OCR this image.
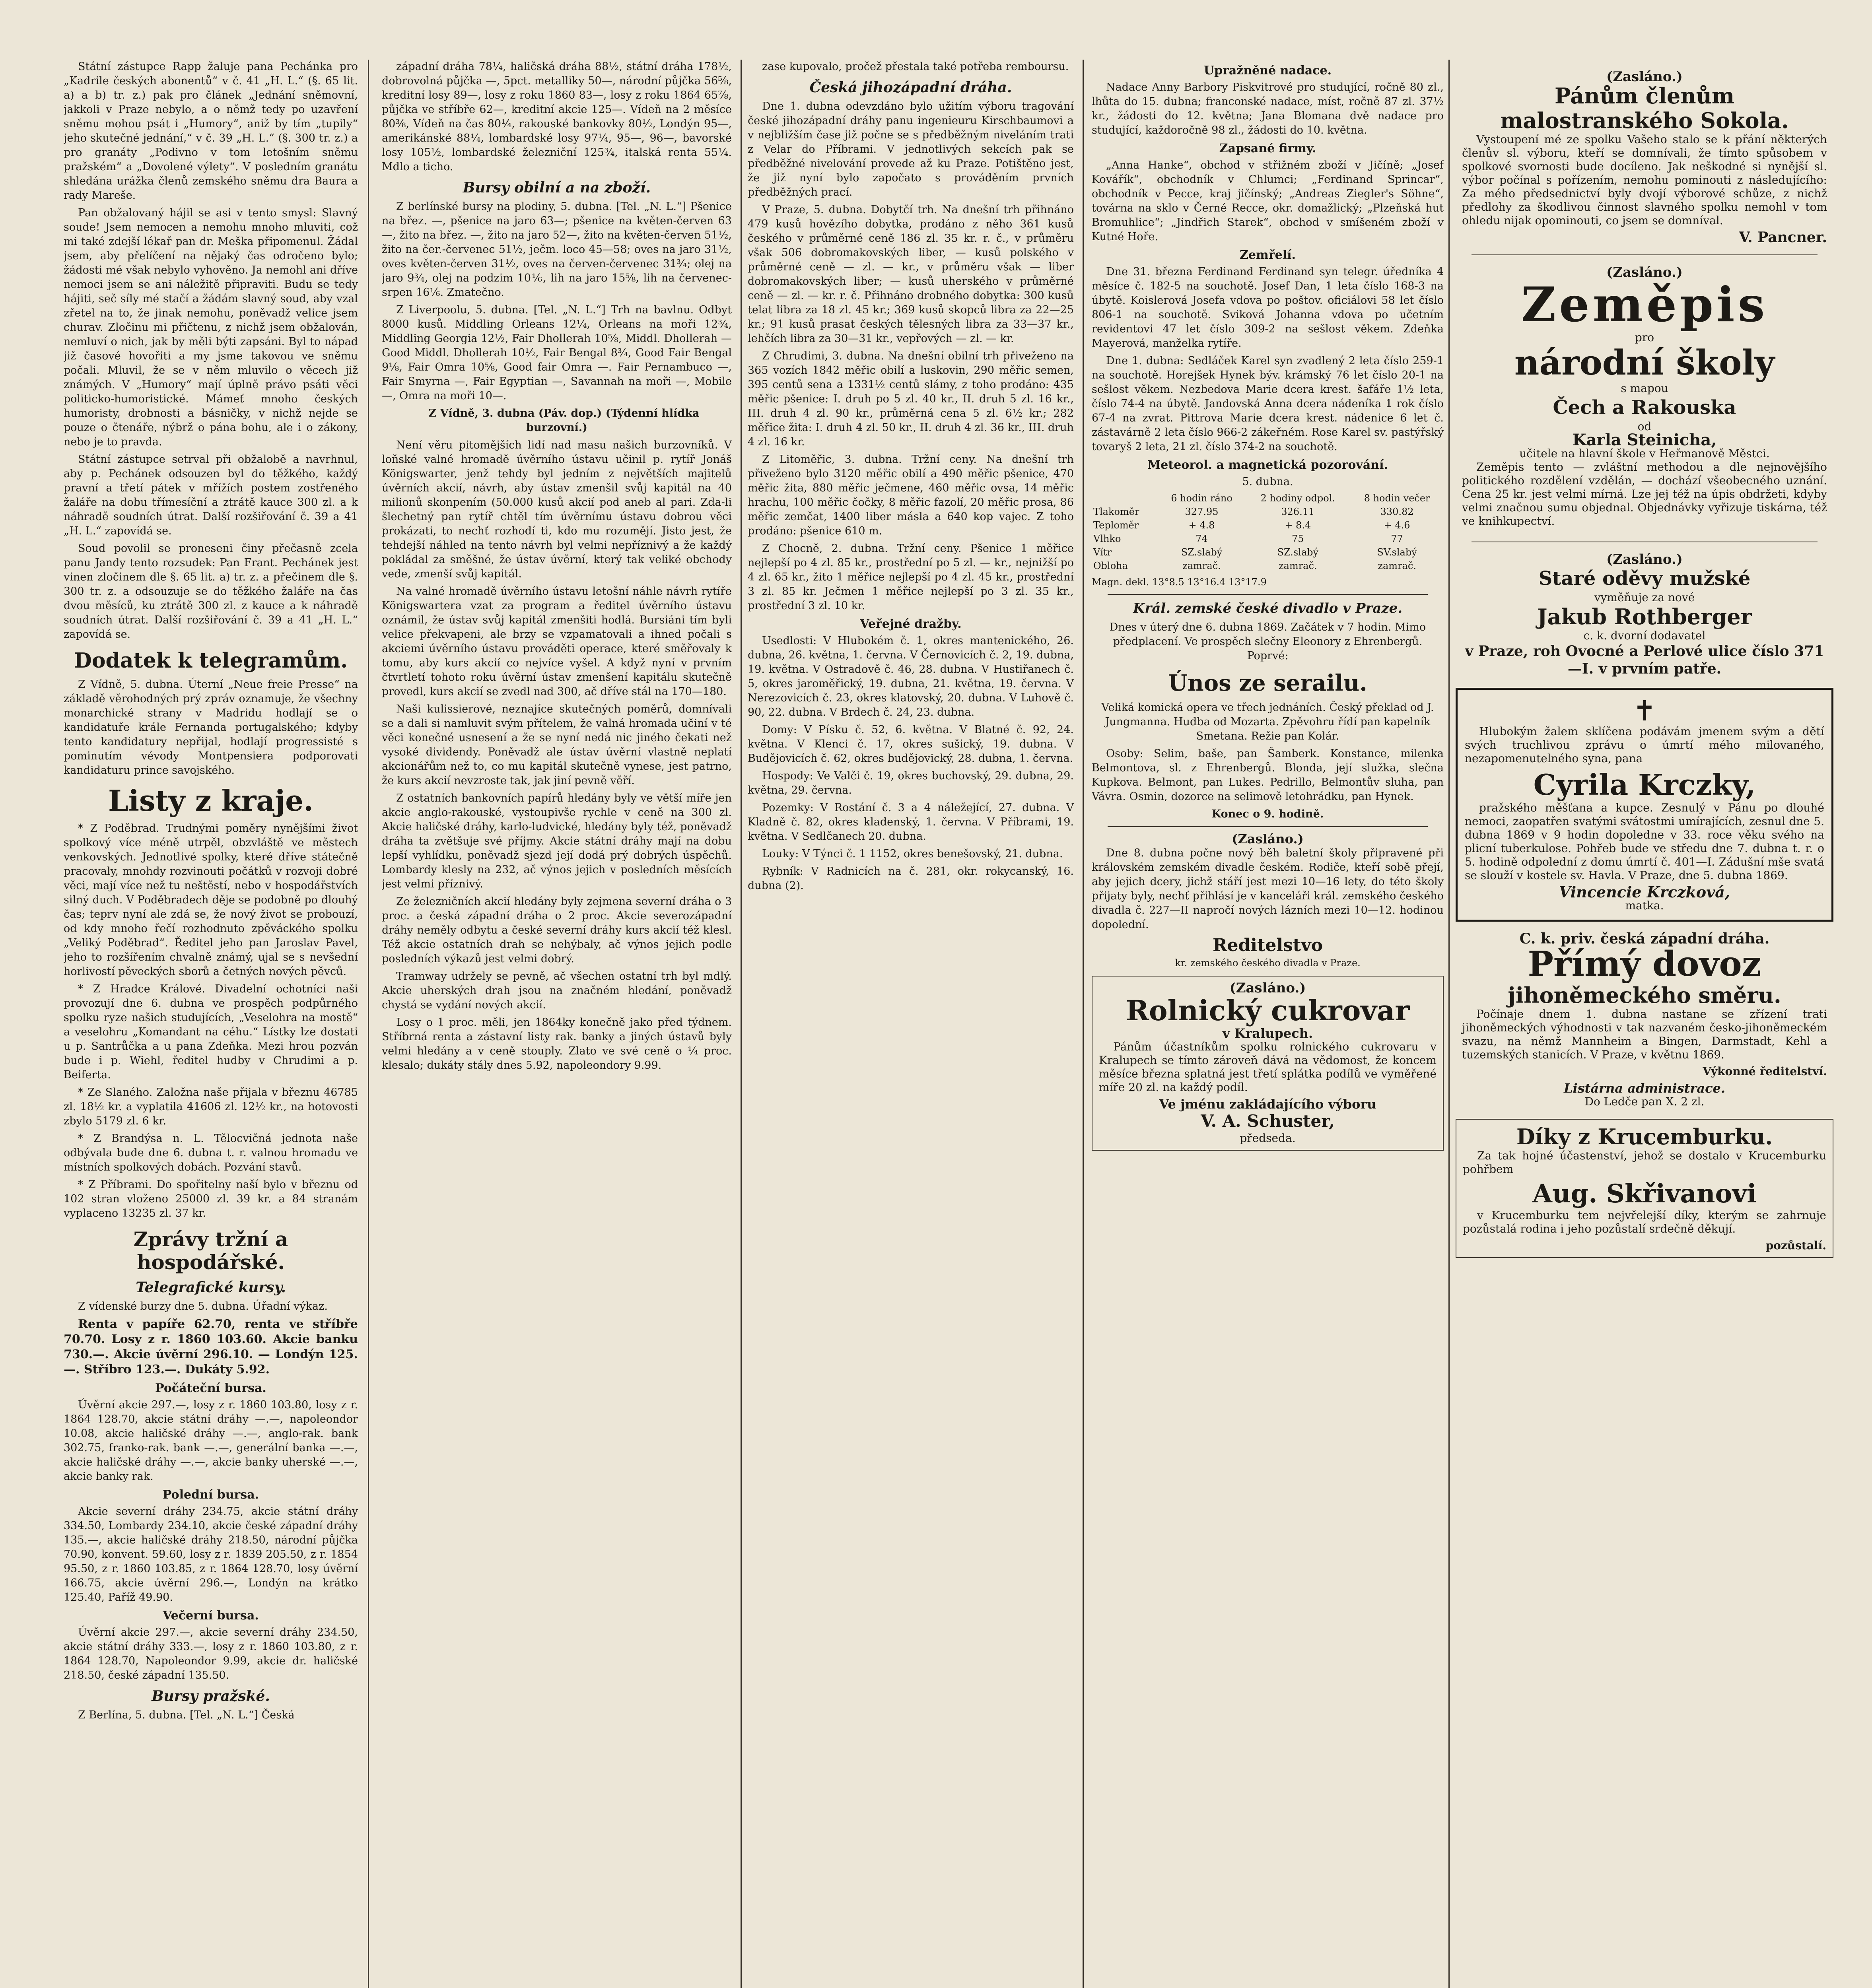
Státní zástupce Rapp žaluje pana Pechánka pro „Kadrile českých abonentů“ v č. 41 „H. L.“ (§. 65 lit. a) a b) tr. z.) pak pro článek „Jednání sněmovní, jakkoli v Praze nebylo, a o němž tedy po uzavření sněmu mohou psát i „Humory“, aniž by tím „tupily“ jeho skutečné jednání,“ v č. 39 „H. L.“ (§. 300 tr. z.) a pro granáty „Podivno v tom letošním sněmu pražském“ a „Dovolené výlety“. V posledním granátu shledána urážka členů zemského sněmu dra Baura a rady Mareše.

Pan obžalovaný hájil se asi v tento smysl: Slavný soude! Jsem nemocen a nemohu mnoho mluviti, což mi také zdejší lékař pan dr. Meška připomenul. Žádal jsem, aby přelíčení na nějaký čas odročeno bylo; žádosti mé však nebylo vyhověno. Ja nemohl ani dříve nemoci jsem se ani náležitě připraviti. Budu se tedy hájiti, seč síly mé stačí a žádám slavný soud, aby vzal zřetel na to, že jinak nemohu, poněvadž velice jsem churav. Zločinu mi přičtenu, z nichž jsem obžalován, nemluví o nich, jak by měli býti zapsáni. Byl to nápad již časové hovořiti a my jsme takovou ve sněmu počali. Mluvil, že se v něm mluvilo o věcech již známých. V „Humory“ mají úplně právo psáti věci politicko-humoristické. Mámeť mnoho českých humoristy, drobnosti a básničky, v nichž nejde se pouze o čtenáře, nýbrž o pána bohu, ale i o zákony, nebo je to pravda.

Státní zástupce setrval při obžalobě a navrhnul, aby p. Pechánek odsouzen byl do těžkého, každý pravní a třetí pátek v mřížích postem zostřeného žaláře na dobu třímesíční a ztrátě kauce 300 zl. a k náhradě soudních útrat. Další rozšiřování č. 39 a 41 „H. L.“ zapovídá se.

Soud povolil se proneseni činy přečasně zcela panu Jandy tento rozsudek: Pan Frant. Pechánek jest vinen zločinem dle §. 65 lit. a) tr. z. a přečinem dle §. 300 tr. z. a odsouzuje se do těžkého žaláře na čas dvou měsíců, ku ztrátě 300 zl. z kauce a k náhradě soudních útrat. Další rozšiřování č. 39 a 41 „H. L.“ zapovídá se.

Dodatek k telegramům.

Z Vídně, 5. dubna. Úterní „Neue freie Presse“ na základě věrohodných prý zpráv oznamuje, že všechny monarchické strany v Madridu hodlají se o kandidatuře krále Fernanda portugalského; kdyby tento kandidatury nepřijal, hodlají progressisté s pominutím vévody Montpensiera podporovati kandidaturu prince savojského.

Listy z kraje.

* Z Poděbrad. Trudnými poměry nynějšími život spolkový více méně utrpěl, obzvláště ve městech venkovských. Jednotlivé spolky, které dříve státečně pracovaly, mnohdy rozvinouti počátků v rozvoji dobré věci, mají více než tu neštěstí, nebo v hospodářstvích silný duch. V Poděbradech děje se podobně po dlouhý čas; teprv nyní ale zdá se, že nový život se probouzí, od kdy mnoho řečí rozhodnuto zpěváckého spolku „Veliký Poděbrad“. Ředitel jeho pan Jaroslav Pavel, jeho to rozšířením chvalně známý, ujal se s nevšední horlivostí pěveckých sborů a četných nových pěvců.

* Z Hradce Králové. Divadelní ochotníci naši provozují dne 6. dubna ve prospěch podpůrného spolku ryze našich studujících, „Veselohra na mostě“ a veselohru „Komandant na céhu.“ Lístky lze dostati u p. Santrůčka a u pana Zdeňka. Mezi hrou pozván bude i p. Wiehl, ředitel hudby v Chrudimi a p. Beiferta.

* Ze Slaného. Založna naše přijala v březnu 46785 zl. 18½ kr. a vyplatila 41606 zl. 12½ kr., na hotovosti zbylo 5179 zl. 6 kr.

* Z Brandýsa n. L. Tělocvičná jednota naše odbývala bude dne 6. dubna t. r. valnou hromadu ve místních spolkových dobách. Pozvání stavů.

* Z Příbrami. Do spořitelny naší bylo v březnu od 102 stran vloženo 25000 zl. 39 kr. a 84 stranám vyplaceno 13235 zl. 37 kr.

Zprávy tržní a hospodářské.
Telegrafické kursy.

Z vídenské burzy dne 5. dubna. Úřadní výkaz.

Renta v papíře 62.70, renta ve stříbře 70.70. Losy z r. 1860 103.60. Akcie banku 730.—. Akcie úvěrní 296.10. — Londýn 125.—. Stříbro 123.—. Dukáty 5.92.

Počáteční bursa.

Úvěrní akcie 297.—, losy z r. 1860 103.80, losy z r. 1864 128.70, akcie státní dráhy —.—, napoleondor 10.08, akcie haličské dráhy —.—, anglo-rak. bank 302.75, franko-rak. bank —.—, generální banka —.—, akcie haličské dráhy —.—, akcie banky uherské —.—, akcie banky rak.

Polední bursa.

Akcie severní dráhy 234.75, akcie státní dráhy 334.50, Lombardy 234.10, akcie české západní dráhy 135.—, akcie haličské dráhy 218.50, národní půjčka 70.90, konvent. 59.60, losy z r. 1839 205.50, z r. 1854 95.50, z r. 1860 103.85, z r. 1864 128.70, losy úvěrní 166.75, akcie úvěrní 296.—, Londýn na krátko 125.40, Paříž 49.90.

Večerní bursa.

Úvěrní akcie 297.—, akcie severní dráhy 234.50, akcie státní dráhy 333.—, losy z r. 1860 103.80, z r. 1864 128.70, Napoleondor 9.99, akcie dr. haličské 218.50, české západní 135.50.

Bursy pražské.

Z Berlína, 5. dubna. [Tel. „N. L.“] Česká

západní dráha 78¼, haličská dráha 88½, státní dráha 178½, dobrovolná půjčka —, 5pct. metalliky 50—, národní půjčka 56⅝, kreditní losy 89—, losy z roku 1860 83—, losy z roku 1864 65⅞, půjčka ve stříbře 62—, kreditní akcie 125—. Vídeň na 2 měsíce 80⅜, Vídeň na čas 80¼, rakouské bankovky 80½, Londýn 95—, amerikánské 88¼, lombardské losy 97¼, 95—, 96—, bavorské losy 105½, lombardské železniční 125¾, italská renta 55¼. Mdlo a ticho.

Bursy obilní a na zboží.

Z berlínské bursy na plodiny, 5. dubna. [Tel. „N. L.“] Pšenice na břez. —, pšenice na jaro 63—; pšenice na květen-červen 63—, žito na břez. —, žito na jaro 52—, žito na květen-červen 51½, žito na čer.-červenec 51½, ječm. loco 45—58; oves na jaro 31½, oves květen-červen 31½, oves na červen-červenec 31¾; olej na jaro 9¾, olej na podzim 10⅙, lih na jaro 15⅝, lih na červenec-srpen 16⅙. Zmatečno.

Z Liverpoolu, 5. dubna. [Tel. „N. L.“] Trh na bavlnu. Odbyt 8000 kusů. Middling Orleans 12¼, Orleans na moři 12¾, Middling Georgia 12½, Fair Dhollerah 10⅝, Middl. Dhollerah — Good Middl. Dhollerah 10½, Fair Bengal 8¾, Good Fair Bengal 9⅛, Fair Omra 10⅝, Good fair Omra —. Fair Pernambuco —, Fair Smyrna —, Fair Egyptian —, Savannah na moři —, Mobile —, Omra na moři 10—.

Z Vídně, 3. dubna (Páv. dop.) (Týdenní hlídka burzovní.)

Není věru pitomějších lidí nad masu našich burzovníků. V loňské valné hromadě úvěrního ústavu učinil p. rytíř Jonáš Königswarter, jenž tehdy byl jedním z největších majitelů úvěrních akcií, návrh, aby ústav zmenšil svůj kapitál na 40 milionů skonpením (50.000 kusů akcií pod aneb al pari. Zda-li šlechetný pan rytíř chtěl tím úvěrnímu ústavu dobrou věci prokázati, to nechť rozhodí ti, kdo mu rozumějí. Jisto jest, že tehdejší náhled na tento návrh byl velmi nepříznivý a že každý pokládal za směšné, že ústav úvěrní, který tak veliké obchody vede, zmenší svůj kapitál.

Na valné hromadě úvěrního ústavu letošní náhle návrh rytíře Königswartera vzat za program a ředitel úvěrního ústavu oznámil, že ústav svůj kapitál zmenšiti hodlá. Bursiáni tím byli velice překvapeni, ale brzy se vzpamatovali a ihned počali s akciemi úvěrního ústavu prováděti operace, které směřovaly k tomu, aby kurs akcií co nejvíce vyšel. A když nyní v prvním čtvrtletí tohoto roku úvěrní ústav zmenšení kapitálu skutečně provedl, kurs akcií se zvedl nad 300, ač dříve stál na 170—180.

Naši kulissierové, neznajíce skutečných poměrů, domnívali se a dali si namluvit svým přítelem, že valná hromada učiní v té věci konečné usnesení a že se nyní nedá nic jiného čekati než vysoké dividendy. Poněvadž ale ústav úvěrní vlastně neplatí akcionářům než to, co mu kapitál skutečně vynese, jest patrno, že kurs akcií nevzroste tak, jak jiní pevně věří.

Z ostatních bankovních papírů hledány byly ve větší míře jen akcie anglo-rakouské, vystoupivše rychle v ceně na 300 zl. Akcie haličské dráhy, karlo-ludvické, hledány byly též, poněvadž dráha ta zvětšuje své příjmy. Akcie státní dráhy mají na dobu lepší vyhlídku, poněvadž sjezd její dodá prý dobrých úspěchů. Lombardy klesly na 232, ač výnos jejich v posledních měsících jest velmi příznivý.

Ze železničních akcií hledány byly zejmena severní dráha o 3 proc. a česká západní dráha o 2 proc. Akcie severozápadní dráhy neměly odbytu a české severní dráhy kurs akcií též klesl. Též akcie ostatních drah se nehýbaly, ač výnos jejich podle posledních výkazů jest velmi dobrý.

Tramway udržely se pevně, ač všechen ostatní trh byl mdlý. Akcie uherských drah jsou na značném hledání, poněvadž chystá se vydání nových akcií.

Losy o 1 proc. měli, jen 1864ky konečně jako před týdnem. Stříbrná renta a zástavní listy rak. banky a jiných ústavů byly velmi hledány a v ceně stouply. Zlato ve své ceně o ¼ proc. klesalo; dukáty stály dnes 5.92, napoleondory 9.99.

zase kupovalo, pročež přestala také potřeba remboursu.

Česká jihozápadní dráha.

Dne 1. dubna odevzdáno bylo užitím výboru tragování české jihozápadní dráhy panu ingenieuru Kirschbaumovi a v nejbližším čase již počne se s předběžným niveláním trati z Velar do Příbrami. V jednotlivých sekcích pak se předběžné nivelování provede až ku Praze. Potištěno jest, že již nyní bylo započato s prováděním prvních předběžných prací.

V Praze, 5. dubna. Dobytčí trh. Na dnešní trh přihnáno 479 kusů hovězího dobytka, prodáno z něho 361 kusů českého v průměrné ceně 186 zl. 35 kr. r. č., v průměru však 506 dobromakovských liber, — kusů polského v průměrné ceně — zl. — kr., v průměru však — liber dobromakovských liber; — kusů uherského v průměrné ceně — zl. — kr. r. č. Přihnáno drobného dobytka: 300 kusů telat libra za 18 zl. 45 kr.; 369 kusů skopců libra za 22—25 kr.; 91 kusů prasat českých tělesných libra za 33—37 kr., lehčích libra za 30—31 kr., vepřových — zl. — kr.

Z Chrudimi, 3. dubna. Na dnešní obilní trh přiveženo na 365 vozích 1842 měřic obilí a luskovin, 290 měřic semen, 395 centů sena a 1331½ centů slámy, z toho prodáno: 435 měřic pšenice: I. druh po 5 zl. 40 kr., II. druh 5 zl. 16 kr., III. druh 4 zl. 90 kr., průměrná cena 5 zl. 6½ kr.; 282 měřice žita: I. druh 4 zl. 50 kr., II. druh 4 zl. 36 kr., III. druh 4 zl. 16 kr.

Z Litoměřic, 3. dubna. Tržní ceny. Na dnešní trh přiveženo bylo 3120 měřic obilí a 490 měřic pšenice, 470 měřic žita, 880 měřic ječmene, 460 měřic ovsa, 14 měřic hrachu, 100 měřic čočky, 8 měřic fazolí, 20 měřic prosa, 86 měřic zemčat, 1400 liber másla a 640 kop vajec. Z toho prodáno: pšenice 610 m.

Z Chocně, 2. dubna. Tržní ceny. Pšenice 1 měřice nejlepší po 4 zl. 85 kr., prostřední po 5 zl. — kr., nejnižší po 4 zl. 65 kr., žito 1 měřice nejlepší po 4 zl. 45 kr., prostřední 3 zl. 85 kr. Ječmen 1 měřice nejlepší po 3 zl. 35 kr., prostřední 3 zl. 10 kr.

Veřejné dražby.

Usedlosti: V Hlubokém č. 1, okres mantenického, 26. dubna, 26. května, 1. června. V Černovicích č. 2, 19. dubna, 19. května. V Ostradově č. 46, 28. dubna. V Hustiřanech č. 5, okres jaroměřický, 19. dubna, 21. května, 19. června. V Nerezovicích č. 23, okres klatovský, 20. dubna. V Luhově č. 90, 22. dubna. V Brdech č. 24, 23. dubna.

Domy: V Písku č. 52, 6. května. V Blatné č. 92, 24. května. V Klenci č. 17, okres sušický, 19. dubna. V Budějovicích č. 62, okres budějovický, 28. dubna, 1. června.

Hospody: Ve Valči č. 19, okres buchovský, 29. dubna, 29. května, 29. června.

Pozemky: V Rostání č. 3 a 4 náležející, 27. dubna. V Kladně č. 82, okres kladenský, 1. června. V Příbrami, 19. května. V Sedlčanech 20. dubna.

Louky: V Týnci č. 1 1152, okres benešovský, 21. dubna.

Rybník: V Radnicích na č. 281, okr. rokycanský, 16. dubna (2).

Upražněné nadace.

Nadace Anny Barbory Piskvitrové pro studující, ročně 80 zl., lhůta do 15. dubna; franconské nadace, míst, ročně 87 zl. 37½ kr., žádosti do 12. května; Jana Blomana dvě nadace pro studující, každoročně 98 zl., žádosti do 10. května.

Zapsané firmy.

„Anna Hanke“, obchod v střižném zboží v Jičíně; „Josef Kovářík“, obchodník v Chlumci; „Ferdinand Sprincar“, obchodník v Pecce, kraj jičínský; „Andreas Ziegler's Söhne“, továrna na sklo v Černé Recce, okr. domažlický; „Plzeňská hut Bromuhlice“; „Jindřich Starek“, obchod v smíšeném zboží v Kutné Hoře.

Zemřelí.

Dne 31. března Ferdinand Ferdinand syn telegr. úředníka 4 měsíce č. 182-5 na souchotě. Josef Dan, 1 leta číslo 168-3 na úbytě. Koislerová Josefa vdova po poštov. oficiálovi 58 let číslo 806-1 na souchotě. Sviková Johanna vdova po učetním revidentovi 47 let číslo 309-2 na sešlost věkem. Zdeňka Mayerová, manželka rytíře.

Dne 1. dubna: Sedláček Karel syn zvadlený 2 leta číslo 259-1 na souchotě. Horejšek Hynek býv. krámský 76 let číslo 20-1 na sešlost věkem. Nezbedova Marie dcera krest. šafáře 1½ leta, číslo 74-4 na úbytě. Jandovská Anna dcera nádeníka 1 rok číslo 67-4 na zvrat. Pittrova Marie dcera krest. nádenice 6 let č. zástavárně 2 leta číslo 966-2 zákeřném. Rose Karel sv. pastýřský tovaryš 2 leta, 21 zl. číslo 374-2 na souchotě.

Meteorol. a magnetická pozorování.
5. dubna.
	6 hodin ráno	2 hodiny odpol.	8 hodin večer
Tlakoměr	327.95	326.11	330.82
Teploměr	+ 4.8	+ 8.4	+ 4.6
Vlhko	74	75	77
Vítr	SZ.slabý	SZ.slabý	SV.slabý
Obloha	zamrač.	zamrač.	zamrač.
Magn. dekl. 13°8.5 13°16.4 13°17.9
Král. zemské české divadlo v Praze.

Dnes v úterý dne 6. dubna 1869. Začátek v 7 hodin. Mimo předplacení. Ve prospěch slečny Eleonory z Ehrenbergů. Poprvé:

Únos ze serailu.

Veliká komická opera ve třech jednáních. Český překlad od J. Jungmanna. Hudba od Mozarta. Zpěvohru řídí pan kapelník Smetana. Režie pan Kolár.

Osoby: Selim, baše, pan Šamberk. Konstance, milenka Belmontova, sl. z Ehrenbergů. Blonda, její služka, slečna Kupkova. Belmont, pan Lukes. Pedrillo, Belmontův sluha, pan Vávra. Osmin, dozorce na selimově letohrádku, pan Hynek.

Konec o 9. hodině.
(Zasláno.)

Dne 8. dubna počne nový běh baletní školy připravené při královském zemském divadle českém. Rodiče, kteří sobě přejí, aby jejich dcery, jichž stáří jest mezi 10—16 lety, do této školy přijaty byly, nechť přihlásí je v kanceláři král. zemského českého divadla č. 227—II napročí nových lázních mezi 10—12. hodinou dopolední.

Reditelstvo
kr. zemského českého divadla v Praze.
(Zasláno.)
Rolnický cukrovar
v Kralupech.

Pánům účastníkům spolku rolnického cukrovaru v Kralupech se tímto zároveň dává na vědomost, že koncem měsíce března splatná jest třetí splátka podílů ve vyměřené míře 20 zl. na každý podíl.

Ve jménu zakládajícího výboru
V. A. Schuster,
předseda.
(Zasláno.)
Pánům členům malostranského Sokola.

Vystoupení mé ze spolku Vašeho stalo se k přání některých členův sl. výboru, kteří se domnívali, že tímto spůsobem v spolkové svornosti bude docíleno. Jak neškodné si nynější sl. výbor počínal s pořízením, nemohu pominouti z následujícího: Za mého předsednictví byly dvojí výborové schůze, z nichž předlohy za škodlivou činnost slavného spolku nemohl v tom ohledu nijak opominouti, co jsem se domníval.

V. Pancner.
(Zasláno.)
Zeměpis
pro
národní školy
s mapou
Čech a Rakouska
od
Karla Steinicha,
učitele na hlavní škole v Heřmanově Městci.

Zeměpis tento — zvláštní methodou a dle nejnovějšího politického rozdělení vzdělán, — dochází všeobecného uznání. Cena 25 kr. jest velmi mírná. Lze jej též na úpis obdržeti, kdyby velmi značnou sumu objednal. Objednávky vyřizuje tiskárna, též ve knihkupectví.

(Zasláno.)
Staré oděvy mužské
vyměňuje za nové
Jakub Rothberger
c. k. dvorní dodavatel
v Praze, roh Ovocné a Perlové ulice číslo 371—I. v prvním patře.
✝

Hlubokým žalem sklíčena podávám jmenem svým a dětí svých truchlivou zprávu o úmrtí mého milovaného, nezapomenutelného syna, pana

Cyrila Krczky,

pražského měšťana a kupce. Zesnulý v Pánu po dlouhé nemoci, zaopatřen svatými svátostmi umírajících, zesnul dne 5. dubna 1869 v 9 hodin dopoledne v 33. roce věku svého na plicní tuberkulose. Pohřeb bude ve středu dne 7. dubna t. r. o 5. hodině odpolední z domu úmrtí č. 401—I. Zádušní mše svatá se slouží v kostele sv. Havla. V Praze, dne 5. dubna 1869.

Vincencie Krczková,
matka.
C. k. priv. česká západní dráha.
Přímý dovoz
jihoněmeckého směru.

Počínaje dnem 1. dubna nastane se zřízení trati jihoněmeckých výhodnosti v tak nazvaném česko-jihoněmeckém svazu, na němž Mannheim a Bingen, Darmstadt, Kehl a tuzemských stanicích. V Praze, v květnu 1869.

Výkonné ředitelství.
Listárna administrace.
Do Ledče pan X. 2 zl.
Díky z Krucemburku.

Za tak hojné účastenství, jehož se dostalo v Krucemburku pohřbem

Aug. Skřivanovi

v Krucemburku tem nejvřelejší díky, kterým se zahrnuje pozůstalá rodina i jeho pozůstalí srdečně děkují.

pozůstalí.
